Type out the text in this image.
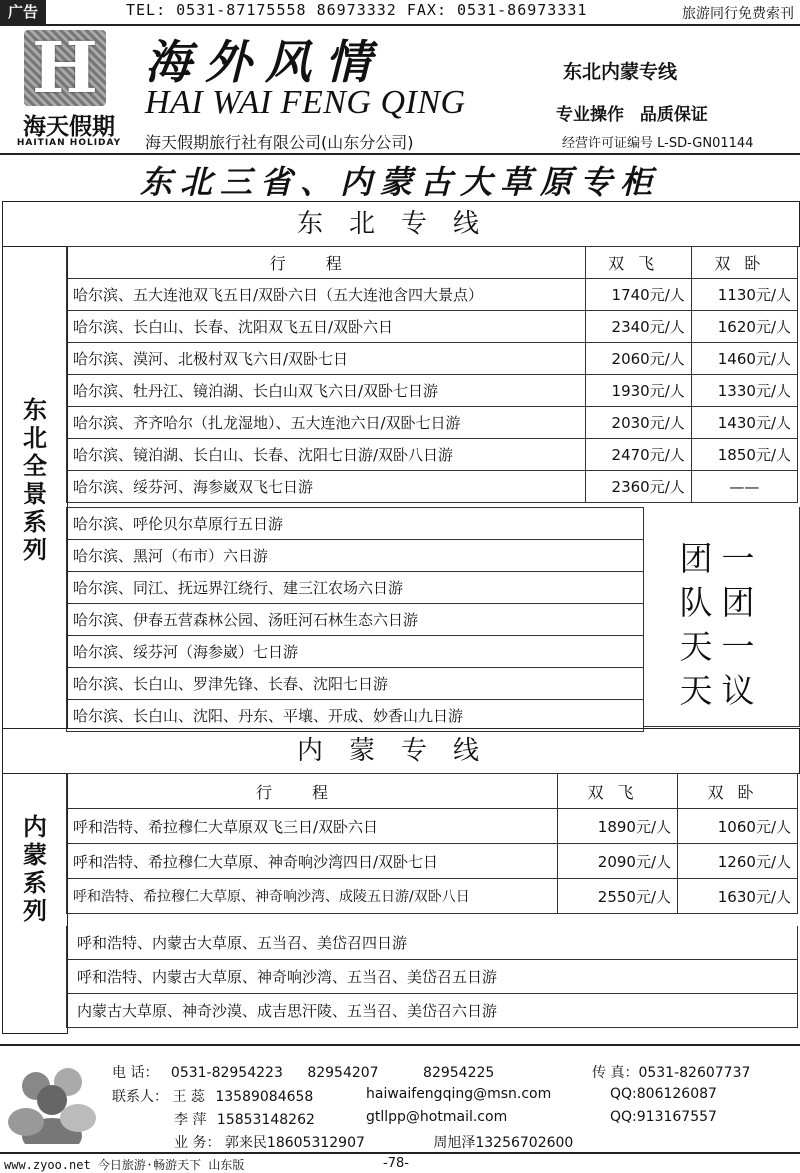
广告	TEL: 0531-87175558 86973332 FAX: 0531-86973331	旅游同行免费索刊
H
海天假期
HAITIAN HOLIDAY
海外风情
HAI WAI FENG QING
海天假期旅行社有限公司(山东分公司)
东北内蒙专线
专业操作 品质保证
经营许可证编号 L-SD-GN01144
东北三省、内蒙古大草原专柜
东北专线
东
北
全
景
系
列
行程	双飞	双卧
哈尔滨、五大连池双飞五日/双卧六日（五大连池含四大景点）	1740元/人	1130元/人
哈尔滨、长白山、长春、沈阳双飞五日/双卧六日	2340元/人	1620元/人
哈尔滨、漠河、北极村双飞六日/双卧七日	2060元/人	1460元/人
哈尔滨、牡丹江、镜泊湖、长白山双飞六日/双卧七日游	1930元/人	1330元/人
哈尔滨、齐齐哈尔（扎龙湿地）、五大连池六日/双卧七日游	2030元/人	1430元/人
哈尔滨、镜泊湖、长白山、长春、沈阳七日游/双卧八日游	2470元/人	1850元/人
哈尔滨、绥芬河、海参崴双飞七日游	2360元/人	——
哈尔滨、呼伦贝尔草原行五日游
哈尔滨、黑河（布市）六日游
哈尔滨、同江、抚远界江绕行、建三江农场六日游
哈尔滨、伊春五营森林公园、汤旺河石林生态六日游
哈尔滨、绥芬河（海参崴）七日游
哈尔滨、长白山、罗津先锋、长春、沈阳七日游
哈尔滨、长白山、沈阳、丹东、平壤、开成、妙香山九日游
团
队
天
天
一
团
一
议
内蒙专线
内
蒙
系
列
行程	双飞	双卧
呼和浩特、希拉穆仁大草原双飞三日/双卧六日	1890元/人	1060元/人
呼和浩特、希拉穆仁大草原、神奇响沙湾四日/双卧七日	2090元/人	1260元/人
呼和浩特、希拉穆仁大草原、神奇响沙湾、成陵五日游/双卧八日	2550元/人	1630元/人
呼和浩特、内蒙古大草原、五当召、美岱召四日游
呼和浩特、内蒙古大草原、神奇响沙湾、五当召、美岱召五日游
内蒙古大草原、神奇沙漠、成吉思汗陵、五当召、美岱召六日游
电 话： 0531-82954223 82954207	82954225	传 真：0531-82607737
联系人： 王 蕊 13589084658	haiwaifengqing@msn.com	QQ:806126087
李 萍 15853148262	gtllpp@hotmail.com	QQ:913167557
业 务： 郭来民18605312907	周旭泽13256702600
www.zyoo.net 今日旅游·畅游天下 山东版	-78-
